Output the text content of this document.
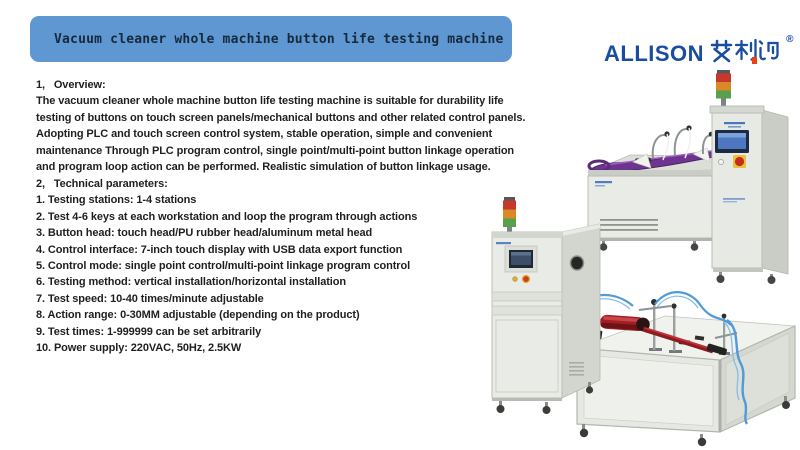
Vacuum cleaner whole machine button life testing machine
ALLISON
®
1,   Overview:
The vacuum cleaner whole machine button life testing machine is suitable for durability life
testing of buttons on touch screen panels/mechanical buttons and other related control panels.
Adopting PLC and touch screen control system, stable operation, simple and convenient
maintenance Through PLC program control, single point/multi-point button linkage operation
and program loop action can be performed. Realistic simulation of button linkage usage.
2,   Technical parameters:
1. Testing stations: 1-4 stations
2. Test 4-6 keys at each workstation and loop the program through actions
3. Button head: touch head/PU rubber head/aluminum metal head
4. Control interface: 7-inch touch display with USB data export function
5. Control mode: single point control/multi-point linkage program control
6. Testing method: vertical installation/horizontal installation
7. Test speed: 10-40 times/minute adjustable
8. Action range: 0-30MM adjustable (depending on the product)
9. Test times: 1-999999 can be set arbitrarily
10. Power supply: 220VAC, 50Hz, 2.5KW
